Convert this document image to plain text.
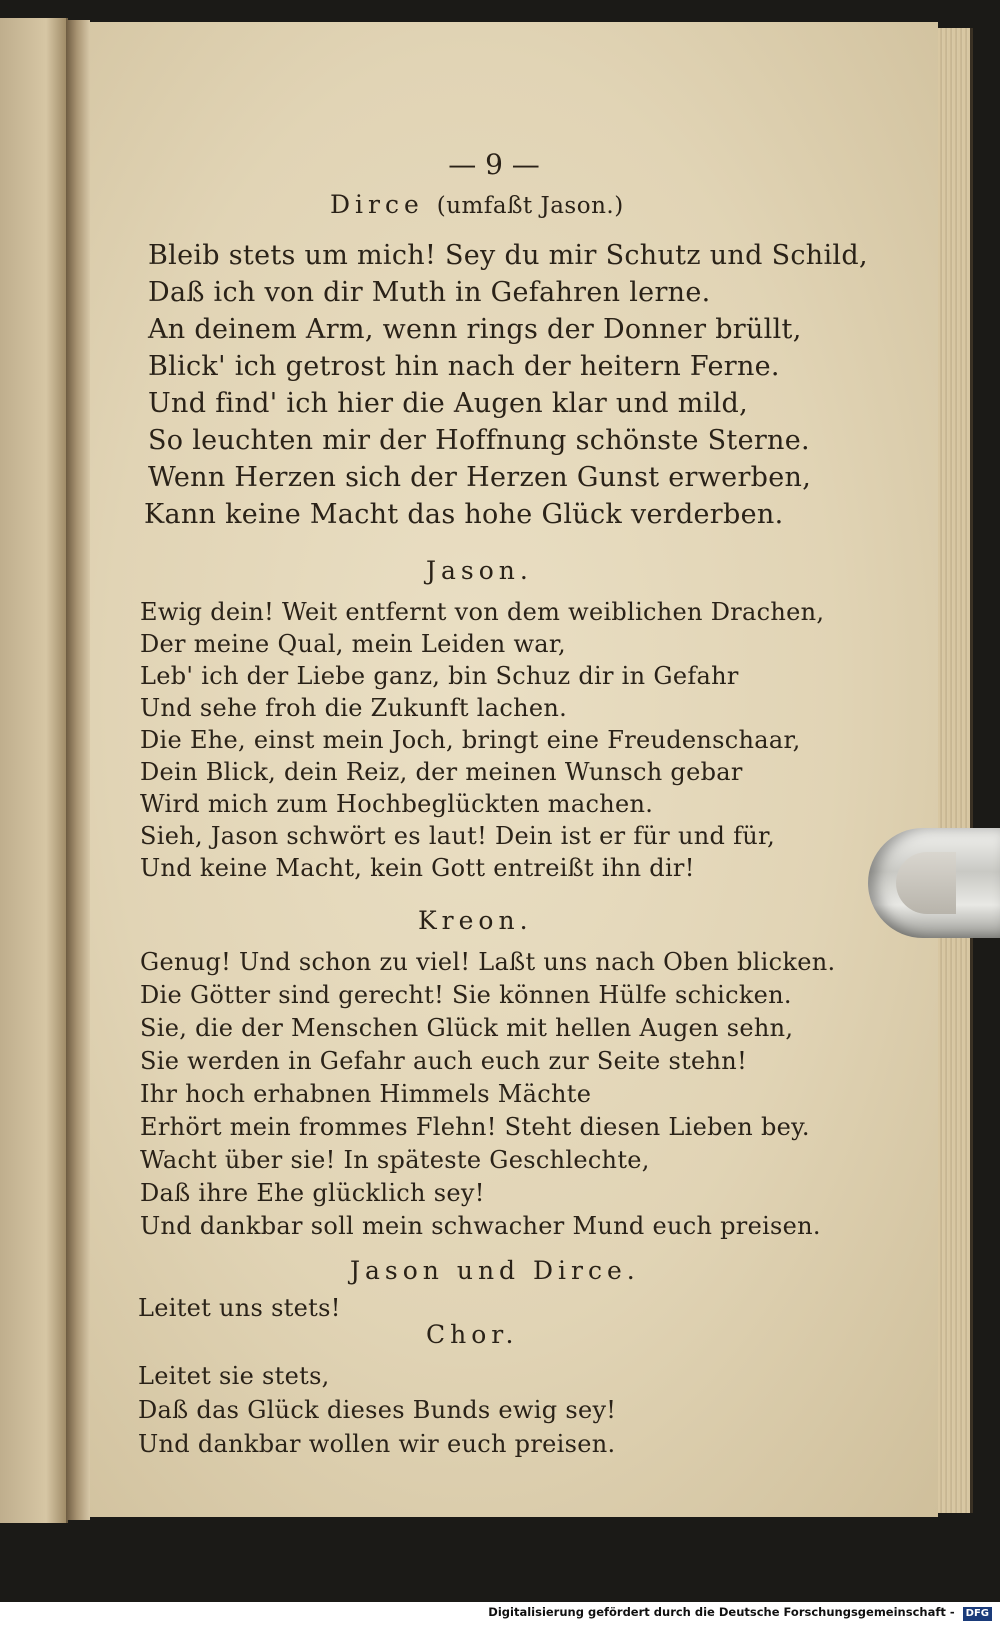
— 9 —
Dirce (umfaßt Jason.)
Bleib stets um mich! Sey du mir Schutz und Schild,
Daß ich von dir Muth in Gefahren lerne.
An deinem Arm, wenn rings der Donner brüllt,
Blick' ich getrost hin nach der heitern Ferne.
Und find' ich hier die Augen klar und mild,
So leuchten mir der Hoffnung schönste Sterne.
Wenn Herzen sich der Herzen Gunst erwerben,
Kann keine Macht das hohe Glück verderben.
Jason.
Ewig dein! Weit entfernt von dem weiblichen Drachen,
Der meine Qual, mein Leiden war,
Leb' ich der Liebe ganz, bin Schuz dir in Gefahr
Und sehe froh die Zukunft lachen.
Die Ehe, einst mein Joch, bringt eine Freudenschaar,
Dein Blick, dein Reiz, der meinen Wunsch gebar
Wird mich zum Hochbeglückten machen.
Sieh, Jason schwört es laut! Dein ist er für und für,
Und keine Macht, kein Gott entreißt ihn dir!
Kreon.
Genug! Und schon zu viel! Laßt uns nach Oben blicken.
Die Götter sind gerecht! Sie können Hülfe schicken.
Sie, die der Menschen Glück mit hellen Augen sehn,
Sie werden in Gefahr auch euch zur Seite stehn!
Ihr hoch erhabnen Himmels Mächte
Erhört mein frommes Flehn! Steht diesen Lieben bey.
Wacht über sie! In späteste Geschlechte,
Daß ihre Ehe glücklich sey!
Und dankbar soll mein schwacher Mund euch preisen.
Jason und Dirce.
Leitet uns stets!
Chor.
Leitet sie stets,
Daß das Glück dieses Bunds ewig sey!
Und dankbar wollen wir euch preisen.
Digitalisierung gefördert durch die Deutsche Forschungsgemeinschaft - DFG
